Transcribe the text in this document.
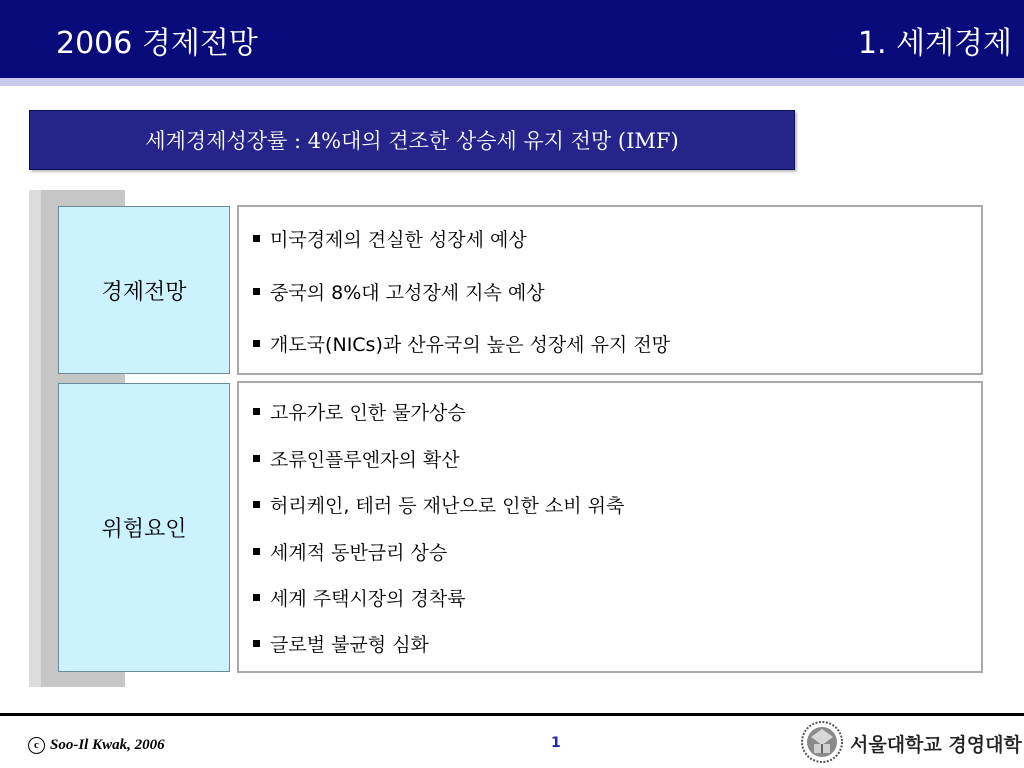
2006 경제전망	1. 세계경제
세계경제성장률 : 4%대의 견조한 상승세 유지 전망 (IMF)
경제전망
미국경제의 견실한 성장세 예상
중국의 8%대 고성장세 지속 예상
개도국(NICs)과 산유국의 높은 성장세 유지 전망
위험요인
고유가로 인한 물가상승
조류인플루엔자의 확산
허리케인, 테러 등 재난으로 인한 소비 위축
세계적 동반금리 상승
세계 주택시장의 경착륙
글로벌 불균형 심화
c Soo-Il Kwak, 2006	1	서울대학교 경영대학
